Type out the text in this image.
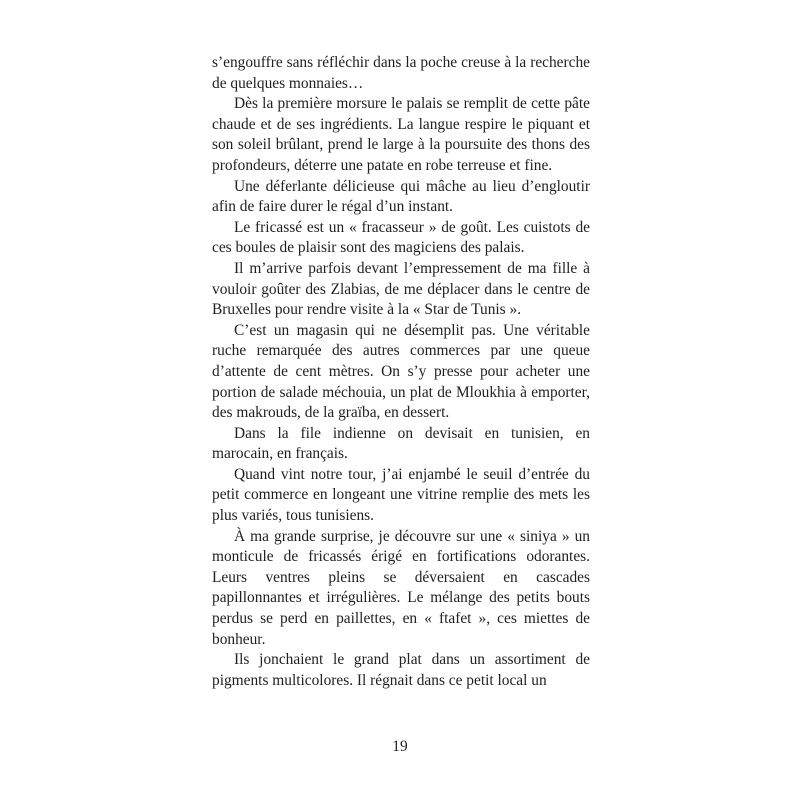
s’engouffre sans réfléchir dans la poche creuse à la recherche de quelques monnaies…

Dès la première morsure le palais se remplit de cette pâte chaude et de ses ingrédients. La langue respire le piquant et son soleil brûlant, prend le large à la poursuite des thons des profondeurs, déterre une patate en robe terreuse et fine.

Une déferlante délicieuse qui mâche au lieu d’engloutir afin de faire durer le régal d’un instant.

Le fricassé est un « fracasseur » de goût. Les cuistots de ces boules de plaisir sont des magiciens des palais.

Il m’arrive parfois devant l’empressement de ma fille à vouloir goûter des Zlabias, de me déplacer dans le centre de Bruxelles pour rendre visite à la « Star de Tunis ».

C’est un magasin qui ne désemplit pas. Une véritable ruche remarquée des autres commerces par une queue d’attente de cent mètres. On s’y presse pour acheter une portion de salade méchouia, un plat de Mloukhia à emporter, des makrouds, de la graïba, en dessert.

Dans la file indienne on devisait en tunisien, en marocain, en français.

Quand vint notre tour, j’ai enjambé le seuil d’entrée du petit commerce en longeant une vitrine remplie des mets les plus variés, tous tunisiens.

À ma grande surprise, je découvre sur une « siniya » un monticule de fricassés érigé en fortifications odorantes. Leurs ventres pleins se déversaient en cascades papillonnantes et irrégulières. Le mélange des petits bouts perdus se perd en paillettes, en « ftafet », ces miettes de bonheur.

Ils jonchaient le grand plat dans un assortiment de pigments multicolores. Il régnait dans ce petit local un

19
